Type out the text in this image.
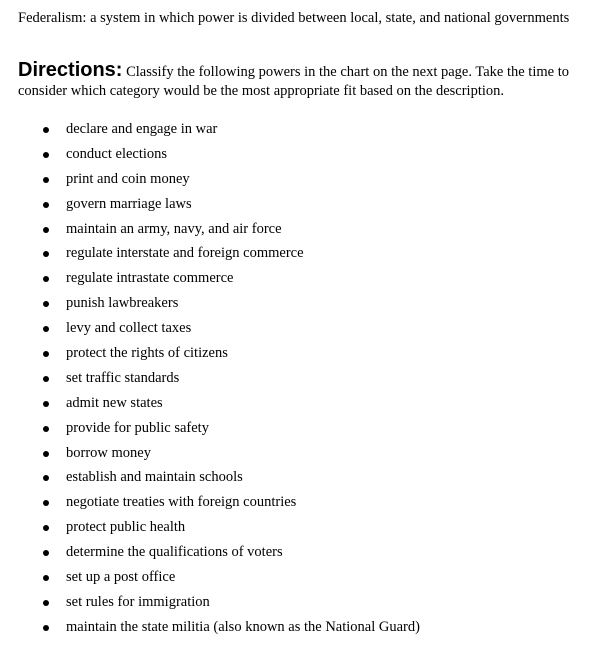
Federalism: a system in which power is divided between local, state, and national governments
Directions: Classify the following powers in the chart on the next page. Take the time to consider which category would be the most appropriate fit based on the description.
declare and engage in war
conduct elections
print and coin money
govern marriage laws
maintain an army, navy, and air force
regulate interstate and foreign commerce
regulate intrastate commerce
punish lawbreakers
levy and collect taxes
protect the rights of citizens
set traffic standards
admit new states
provide for public safety
borrow money
establish and maintain schools
negotiate treaties with foreign countries
protect public health
determine the qualifications of voters
set up a post office
set rules for immigration
maintain the state militia (also known as the National Guard)
